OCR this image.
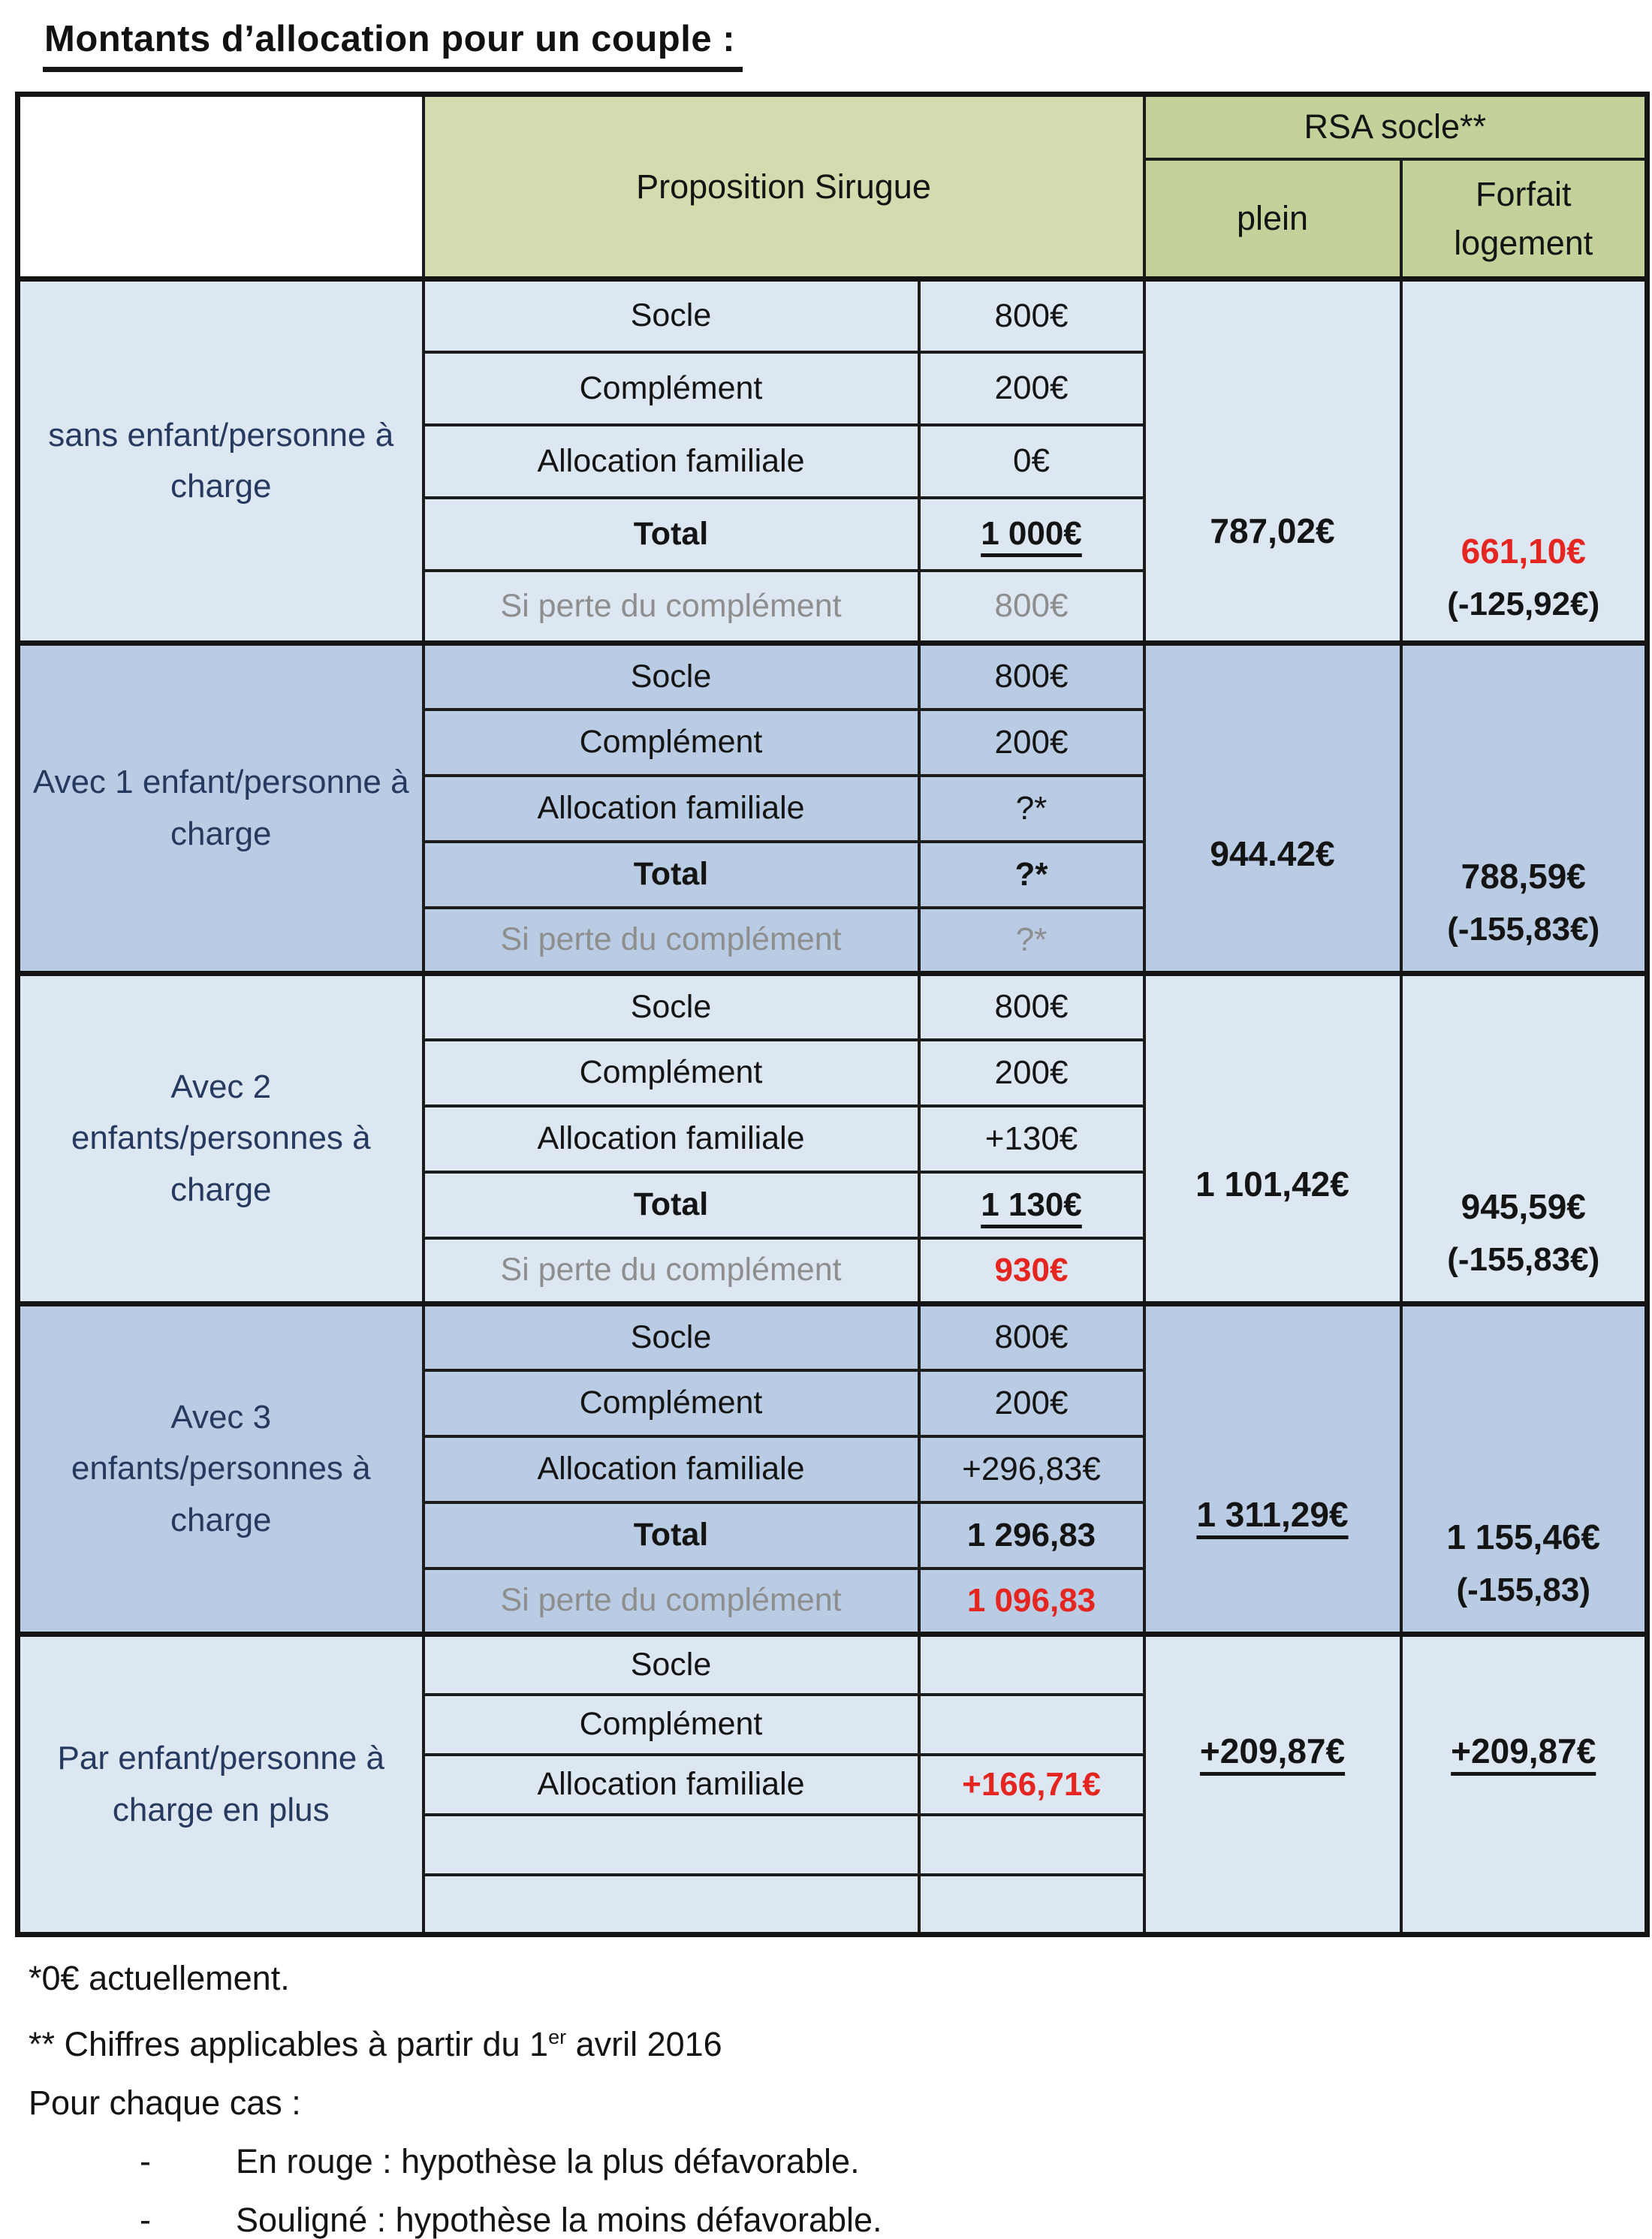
Montants d’allocation pour un couple :
	Proposition Sirugue		RSA socle**	
			plein	Forfait logement
sans enfant/personne à charge	Socle	800€	787,02€	661,10€
(-125,92€)

	Complément	200€		
	Allocation familiale	0€		
	Total	1 000€		
	Si perte du complément	800€		
Avec 1 enfant/personne à charge	Socle	800€	944.42€	788,59€
(-155,83€)

	Complément	200€		
	Allocation familiale	?*		
	Total	?*		
	Si perte du complément	?*		
Avec 2 enfants/personnes à charge	Socle	800€	1 101,42€	945,59€
(-155,83€)

	Complément	200€		
	Allocation familiale	+130€		
	Total	1 130€		
	Si perte du complément	930€		
Avec 3 enfants/personnes à charge	Socle	800€	1 311,29€	1 155,46€
(-155,83)

	Complément	200€		
	Allocation familiale	+296,83€		
	Total	1 296,83		
	Si perte du complément	1 096,83		
Par enfant/personne à charge en plus	Socle		+209,87€	+209,87€

	Complément			
	Allocation familiale	+166,71€		

*0€ actuellement.

** Chiffres applicables à partir du 1er avril 2016

Pour chaque cas :

-	En rouge : hypothèse la plus défavorable.
-	Souligné : hypothèse la moins défavorable.
